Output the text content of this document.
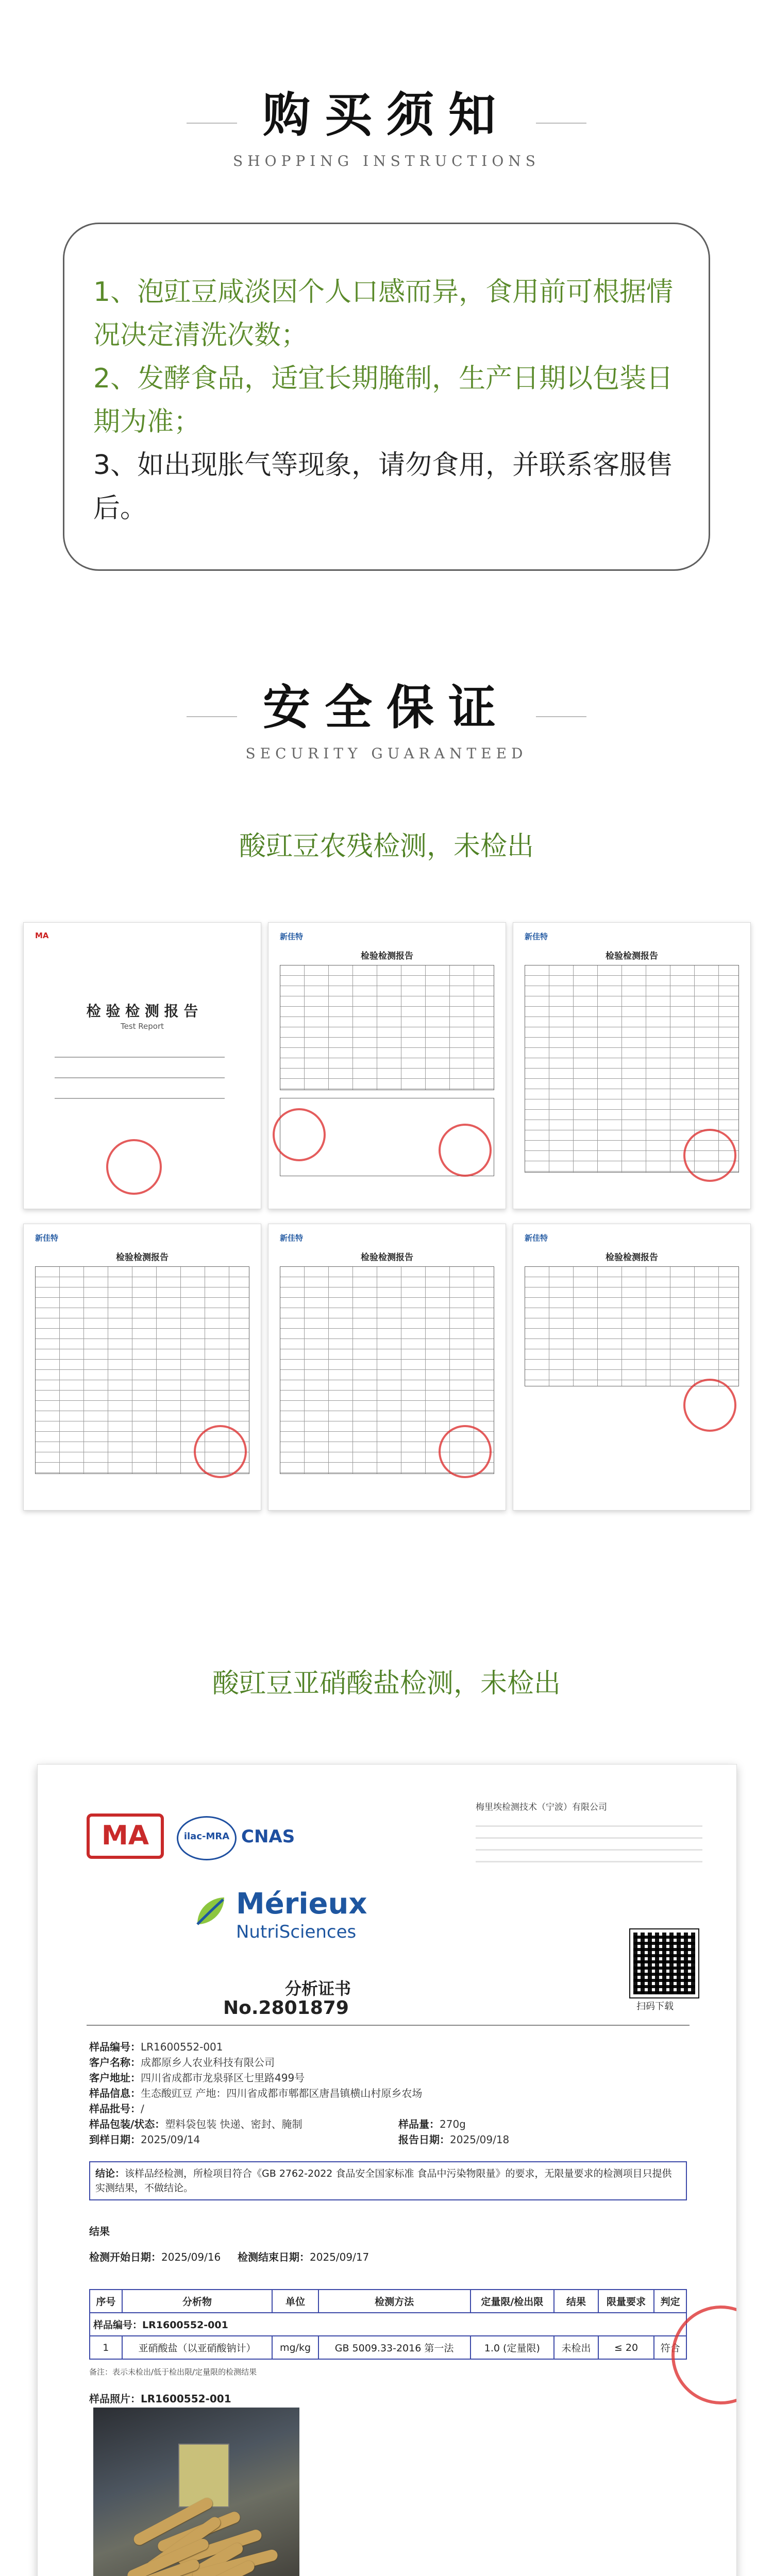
购买须知
SHOPPING INSTRUCTIONS
1、泡豇豆咸淡因个人口感而异，食用前可根据情况决定清洗次数；
2、发酵食品，适宜长期腌制，生产日期以包装日期为准；
3、如出现胀气等现象，请勿食用，并联系客服售后。
安全保证
SECURITY GUARANTEED
酸豇豆农残检测，未检出
MA
检 验 检 测 报 告
Test Report
新佳特
检验检测报告
新佳特
检验检测报告
新佳特
检验检测报告
新佳特
检验检测报告
新佳特
检验检测报告
酸豇豆亚硝酸盐检测，未检出
MA	ilac-MRA CNAS
梅里埃检测技术（宁波）有限公司
Mérieux
NutriSciences
分析证书
No.2801879	扫码下载
样品编号：LR1600552-001
客户名称：成都原乡人农业科技有限公司
客户地址：四川省成都市龙泉驿区七里路499号
样品信息：生态酸豇豆 产地：四川省成都市郫都区唐昌镇横山村原乡农场
样品批号：/
样品包装/状态：塑料袋包装 快递、密封、腌制
到样日期：2025/09/14
样品量：270g
报告日期：2025/09/18
结论：该样品经检测，所检项目符合《GB 2762-2022 食品安全国家标准 食品中污染物限量》的要求，无限量要求的检测项目只提供实测结果，不做结论。
结果
检测开始日期：2025/09/16 检测结束日期：2025/09/17
序号	分析物	单位	检测方法	定量限/检出限	结果	限量要求	判定
样品编号：LR1600552-001							
1	亚硝酸盐（以亚硝酸钠计）	mg/kg	GB 5009.33-2016 第一法	1.0 (定量限)	未检出	≤ 20	符合
备注：表示未检出/低于检出限/定量限的检测结果
样品照片：LR1600552-001
